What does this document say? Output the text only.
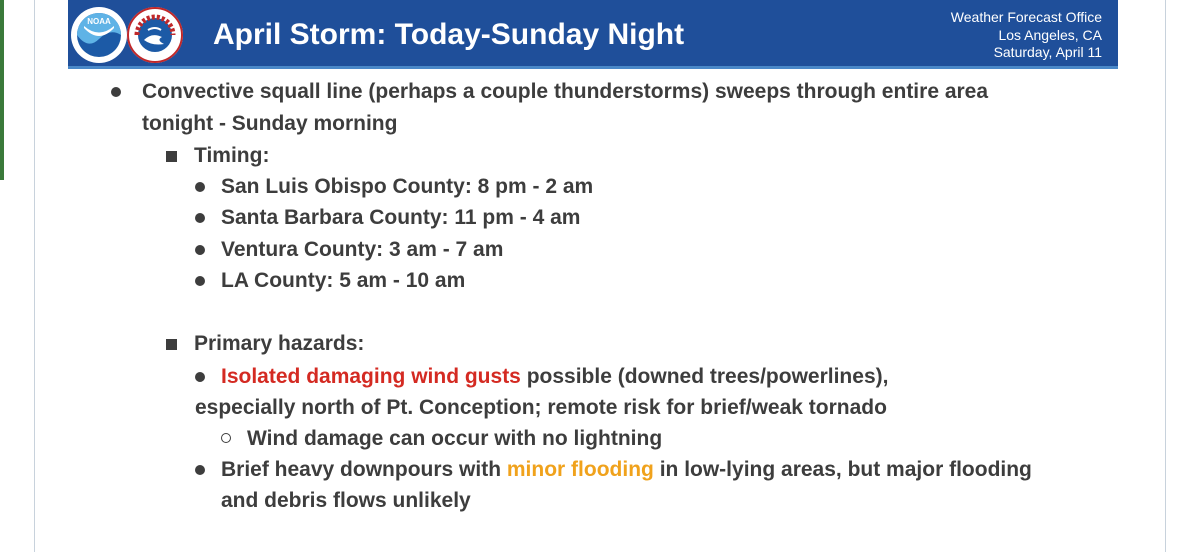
NOAA	April Storm: Today-Sunday Night
Weather Forecast Office
Los Angeles, CA
Saturday, April 11
Convective squall line (perhaps a couple thunderstorms) sweeps through entire area
tonight - Sunday morning
Timing:
San Luis Obispo County: 8 pm - 2 am
Santa Barbara County: 11 pm - 4 am
Ventura County: 3 am - 7 am
LA County: 5 am - 10 am
Primary hazards:
Isolated damaging wind gusts possible (downed trees/powerlines),
especially north of Pt. Conception; remote risk for brief/weak tornado
Wind damage can occur with no lightning
Brief heavy downpours with minor flooding in low-lying areas, but major flooding
and debris flows unlikely
